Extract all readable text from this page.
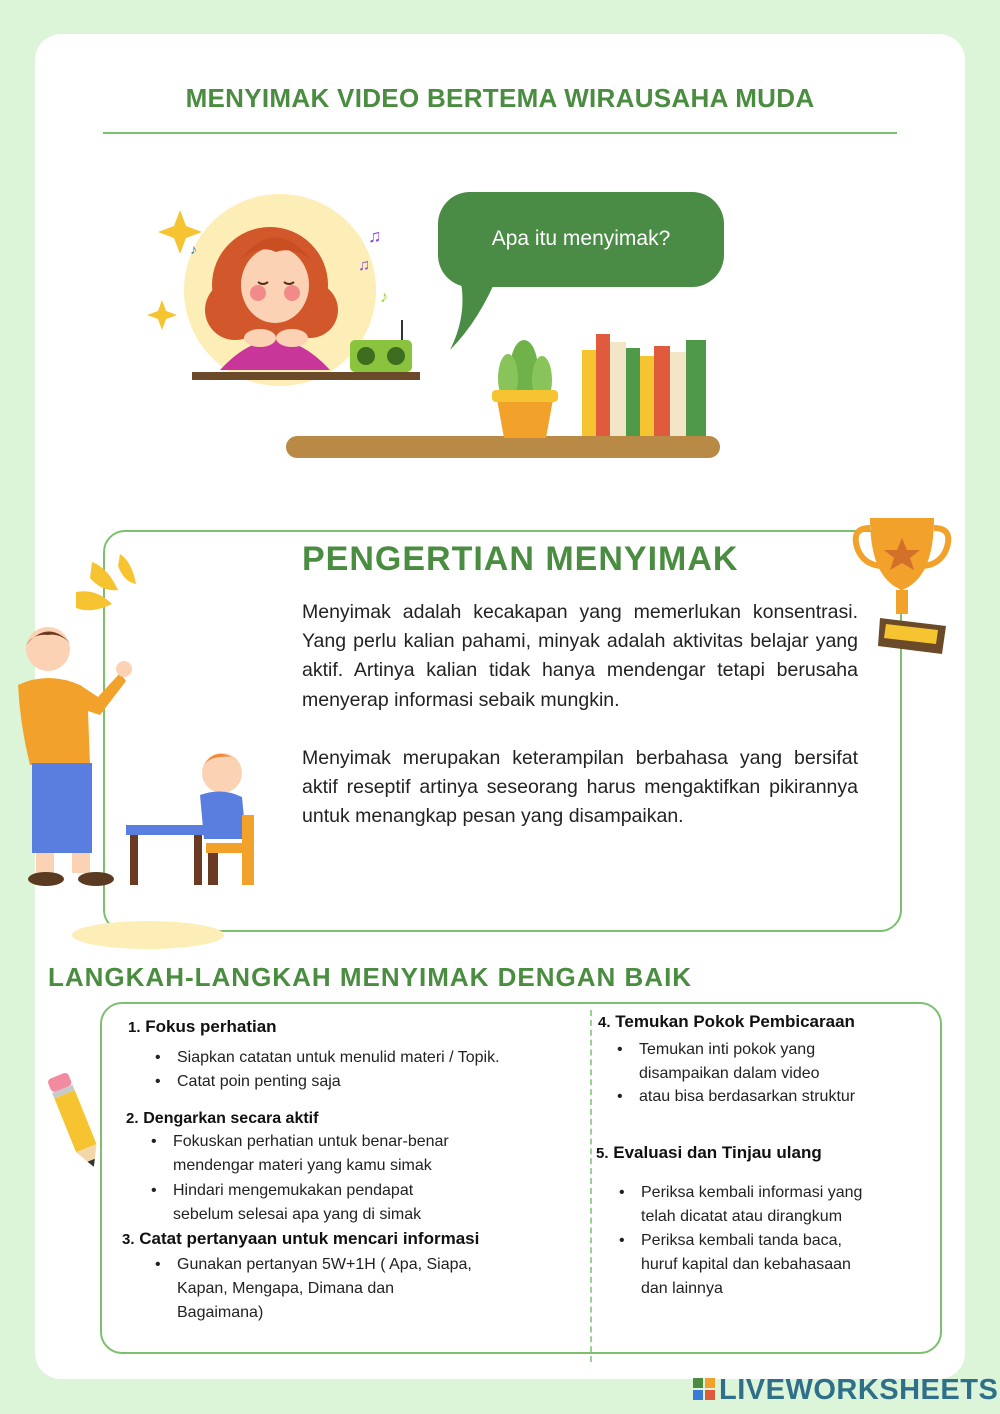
MENYIMAK VIDEO BERTEMA WIRAUSAHA MUDA
♫
♪
♫
♪	Apa itu menyimak?
PENGERTIAN MENYIMAK

Menyimak adalah kecakapan yang memerlukan konsentrasi. Yang perlu kalian pahami, minyak adalah aktivitas belajar yang aktif. Artinya kalian tidak hanya mendengar tetapi berusaha menyerap informasi sebaik mungkin.

Menyimak merupakan keterampilan berbahasa yang bersifat aktif reseptif artinya seseorang harus mengaktifkan pikirannya untuk menangkap pesan yang disampaikan.

LANGKAH-LANGKAH MENYIMAK DENGAN BAIK
1. Fokus perhatian
• Siapkan catatan untuk menulid materi / Topik.
• Catat poin penting saja
2. Dengarkan secara aktif
• Fokuskan perhatian untuk benar-benar
mendengar materi yang kamu simak
• Hindari mengemukakan pendapat
sebelum selesai apa yang di simak
3. Catat pertanyaan untuk mencari informasi
• Gunakan pertanyan 5W+1H ( Apa, Siapa,
Kapan, Mengapa, Dimana dan
Bagaimana)
4. Temukan Pokok Pembicaraan
• Temukan inti pokok yang
disampaikan dalam video
• atau bisa berdasarkan struktur
5. Evaluasi dan Tinjau ulang
• Periksa kembali informasi yang
telah dicatat atau dirangkum
• Periksa kembali tanda baca,
huruf kapital dan kebahasaan
dan lainnya
LIVEWORKSHEETS
